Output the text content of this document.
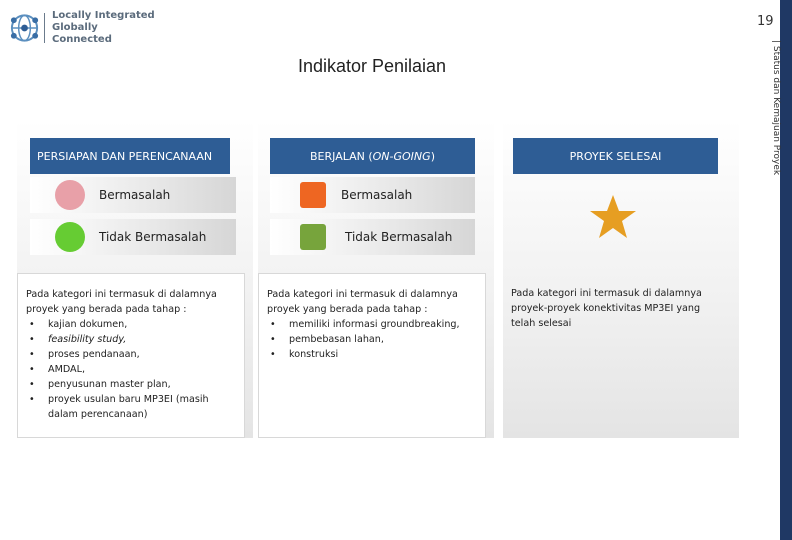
Locally Integrated
Globally Connected
19
| Status dan Kemajuan Proyek
Indikator Penilaian
PERSIAPAN DAN PERENCANAAN	BERJALAN ( ON-GOING )	PROYEK SELESAI
Bermasalah
Tidak Bermasalah
Bermasalah
Tidak Bermasalah
Pada kategori ini termasuk di dalamnya proyek yang berada pada tahap :
• kajian dokumen,
• feasibility study,
• proses pendanaan,
• AMDAL,
• penyusunan master plan,
• proyek usulan baru MP3EI (masih dalam perencanaan)
Pada kategori ini termasuk di dalamnya proyek yang berada pada tahap :
• memiliki informasi groundbreaking,
• pembebasan lahan,
• konstruksi
Pada kategori ini termasuk di dalamnya proyek-proyek konektivitas MP3EI yang telah selesai
